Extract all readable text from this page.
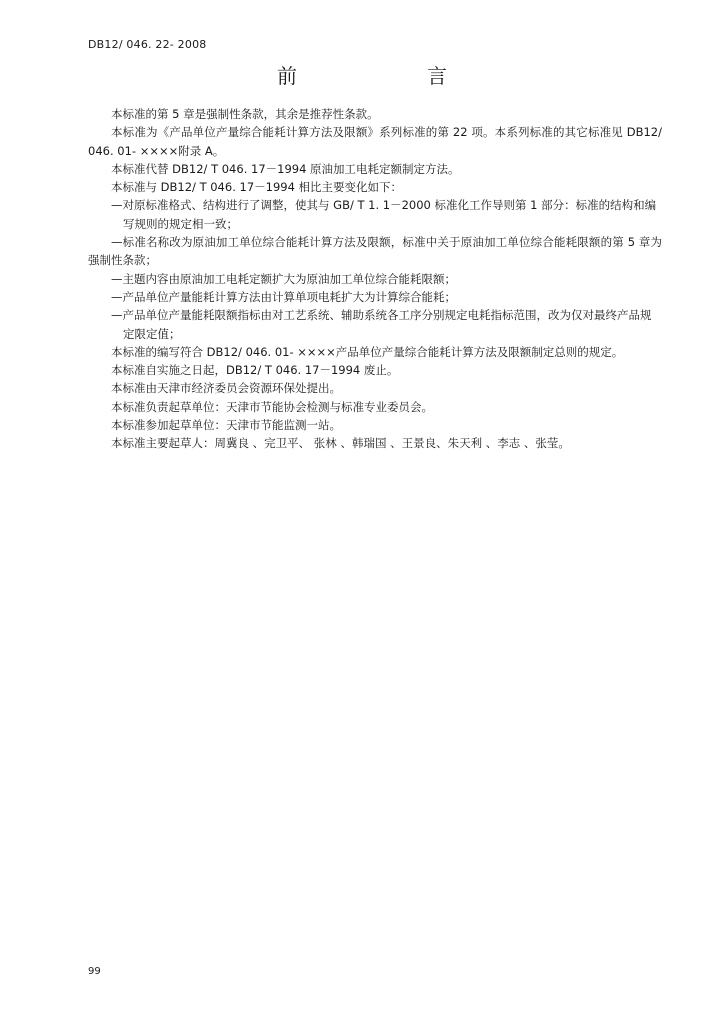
DB12/ 046. 22- 2008
前　　言

本标准的第 5 章是强制性条款，其余是推荐性条款。

本标准为《产品单位产量综合能耗计算方法及限额》系列标准的第 22 项。本系列标准的其它标准见 DB12/ 046. 01- ××××附录 A。

本标准代替 DB12/ T 046. 17－1994 原油加工电耗定额制定方法。

本标准与 DB12/ T 046. 17－1994 相比主要变化如下：

—对原标准格式、结构进行了调整，使其与 GB/ T 1. 1－2000 标准化工作导则第 1 部分：标准的结构和编写规则的规定相一致；

—标准名称改为原油加工单位综合能耗计算方法及限额，标准中关于原油加工单位综合能耗限额的第 5 章为强制性条款；

—主题内容由原油加工电耗定额扩大为原油加工单位综合能耗限额；

—产品单位产量能耗计算方法由计算单项电耗扩大为计算综合能耗；

—产品单位产量能耗限额指标由对工艺系统、辅助系统各工序分别规定电耗指标范围，改为仅对最终产品规定限定值；

本标准的编写符合 DB12/ 046. 01- ××××产品单位产量综合能耗计算方法及限额制定总则的规定。

本标准自实施之日起，DB12/ T 046. 17－1994 废止。

本标准由天津市经济委员会资源环保处提出。

本标准负责起草单位：天津市节能协会检测与标准专业委员会。

本标准参加起草单位：天津市节能监测一站。

本标准主要起草人：周冀良 、完卫平、 张林 、韩瑞国 、王景良、朱天利 、李志 、张莹。

99
